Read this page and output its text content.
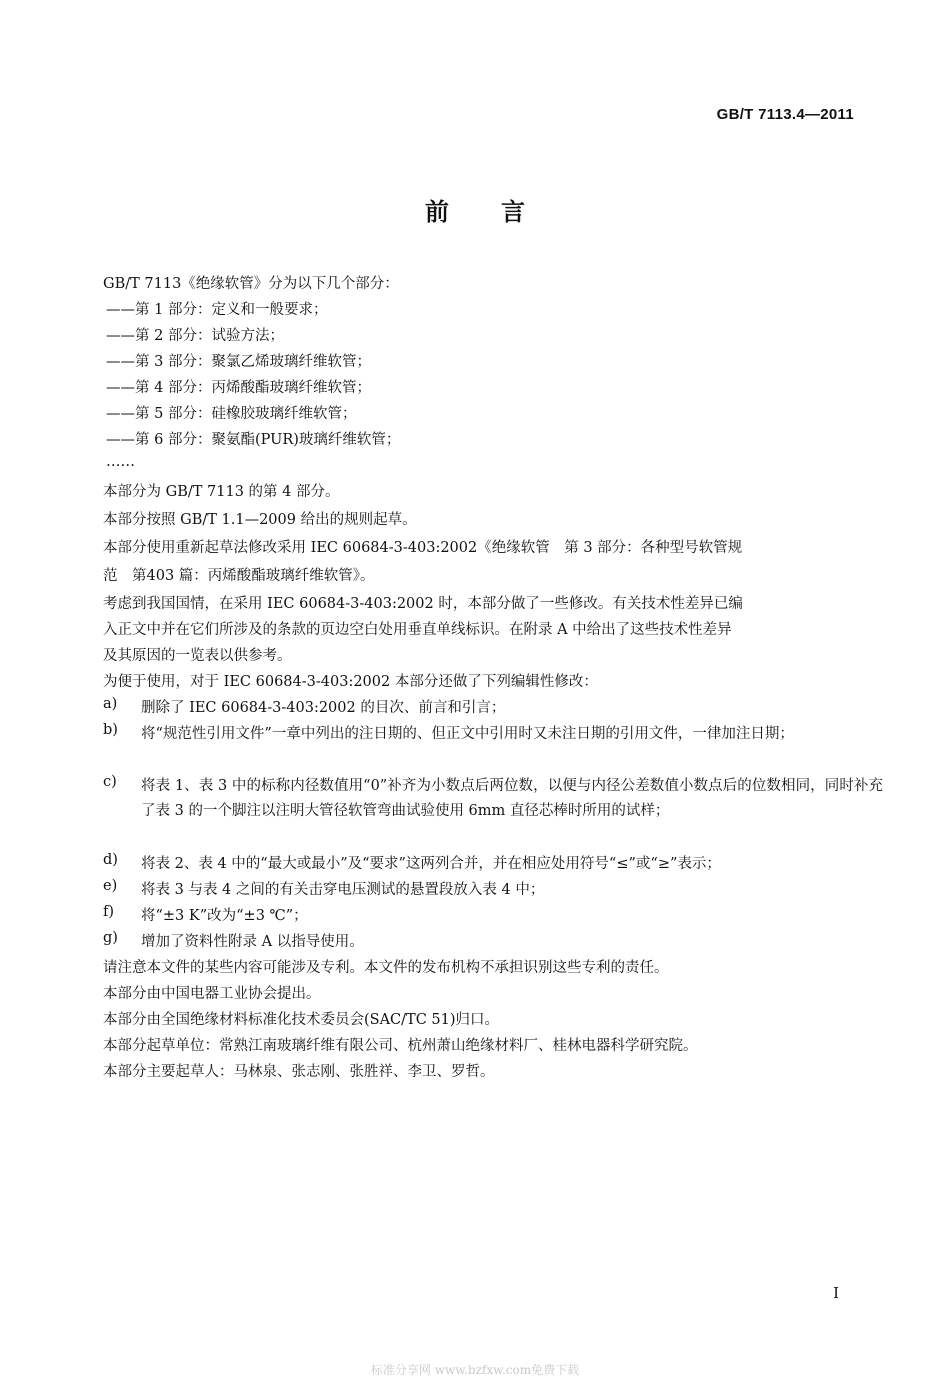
GB/T 7113.4—2011
前言
GB/T 7113《绝缘软管》分为以下几个部分：
——第 1 部分：定义和一般要求；
——第 2 部分：试验方法；
——第 3 部分：聚氯乙烯玻璃纤维软管；
——第 4 部分：丙烯酸酯玻璃纤维软管；
——第 5 部分：硅橡胶玻璃纤维软管；
——第 6 部分：聚氨酯(PUR)玻璃纤维软管；
……
本部分为 GB/T 7113 的第 4 部分。
本部分按照 GB/T 1.1—2009 给出的规则起草。
本部分使用重新起草法修改采用 IEC 60684-3-403:2002《绝缘软管　第 3 部分：各种型号软管规
范　第403 篇：丙烯酸酯玻璃纤维软管》。
考虑到我国国情，在采用 IEC 60684-3-403:2002 时，本部分做了一些修改。有关技术性差异已编
入正文中并在它们所涉及的条款的页边空白处用垂直单线标识。在附录 A 中给出了这些技术性差异
及其原因的一览表以供参考。
为便于使用，对于 IEC 60684-3-403:2002 本部分还做了下列编辑性修改：
a)	删除了 IEC 60684-3-403:2002 的目次、前言和引言；
b)	将“规范性引用文件”一章中列出的注日期的、但正文中引用时又未注日期的引用文件，一律加注日期；
c)	将表 1、表 3 中的标称内径数值用“0”补齐为小数点后两位数，以便与内径公差数值小数点后的位数相同，同时补充了表 3 的一个脚注以注明大管径软管弯曲试验使用 6mm 直径芯棒时所用的试样；
d)	将表 2、表 4 中的“最大或最小”及“要求”这两列合并，并在相应处用符号“≤”或“≥”表示；
e)	将表 3 与表 4 之间的有关击穿电压测试的悬置段放入表 4 中；
f)	将“±3 K”改为“±3 ℃”；
g)	增加了资料性附录 A 以指导使用。
请注意本文件的某些内容可能涉及专利。本文件的发布机构不承担识别这些专利的责任。
本部分由中国电器工业协会提出。
本部分由全国绝缘材料标准化技术委员会(SAC/TC 51)归口。
本部分起草单位：常熟江南玻璃纤维有限公司、杭州萧山绝缘材料厂、桂林电器科学研究院。
本部分主要起草人：马林泉、张志刚、张胜祥、李卫、罗哲。
I
标准分享网 www.bzfxw.com免费下载
